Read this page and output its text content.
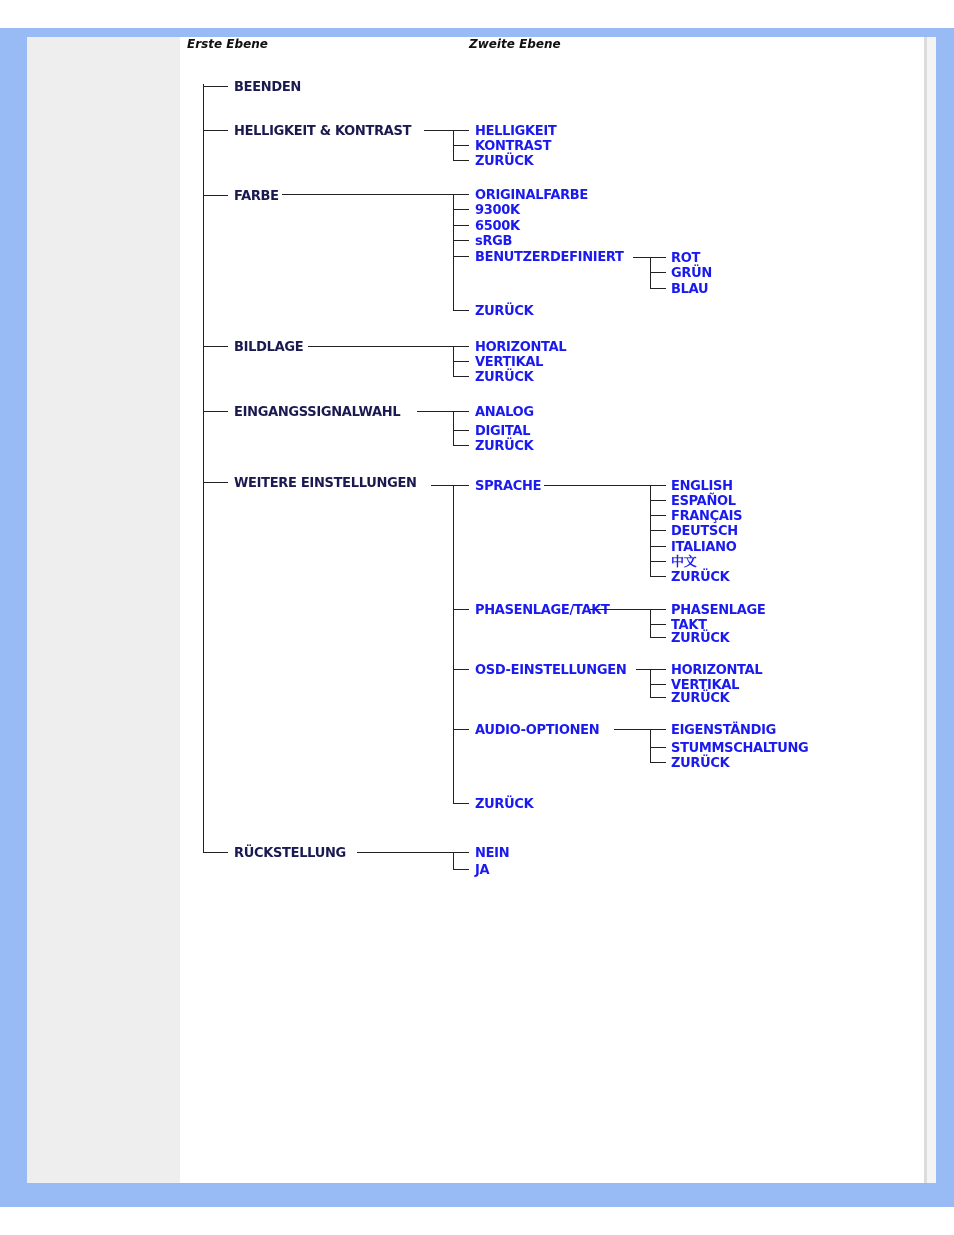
Erste Ebene	Zweite Ebene
BEENDEN
HELLIGKEIT & KONTRAST	HELLIGKEIT
KONTRAST
ZURÜCK
FARBE	ORIGINALFARBE
9300K
6500K
sRGB
BENUTZERDEFINIERT	ROT
GRÜN
BLAU
ZURÜCK
BILDLAGE	HORIZONTAL
VERTIKAL
ZURÜCK
EINGANGSSIGNALWAHL	ANALOG
DIGITAL
ZURÜCK
WEITERE EINSTELLUNGEN	SPRACHE	ENGLISH
ESPAÑOL
FRANÇAIS
DEUTSCH
ITALIANO
中文
ZURÜCK
PHASENLAGE/TAKT	PHASENLAGE
TAKT
ZURÜCK
OSD-EINSTELLUNGEN	HORIZONTAL
VERTIKAL
ZURÜCK
AUDIO-OPTIONEN	EIGENSTÄNDIG
STUMMSCHALTUNG
ZURÜCK
ZURÜCK
RÜCKSTELLUNG	NEIN
JA
